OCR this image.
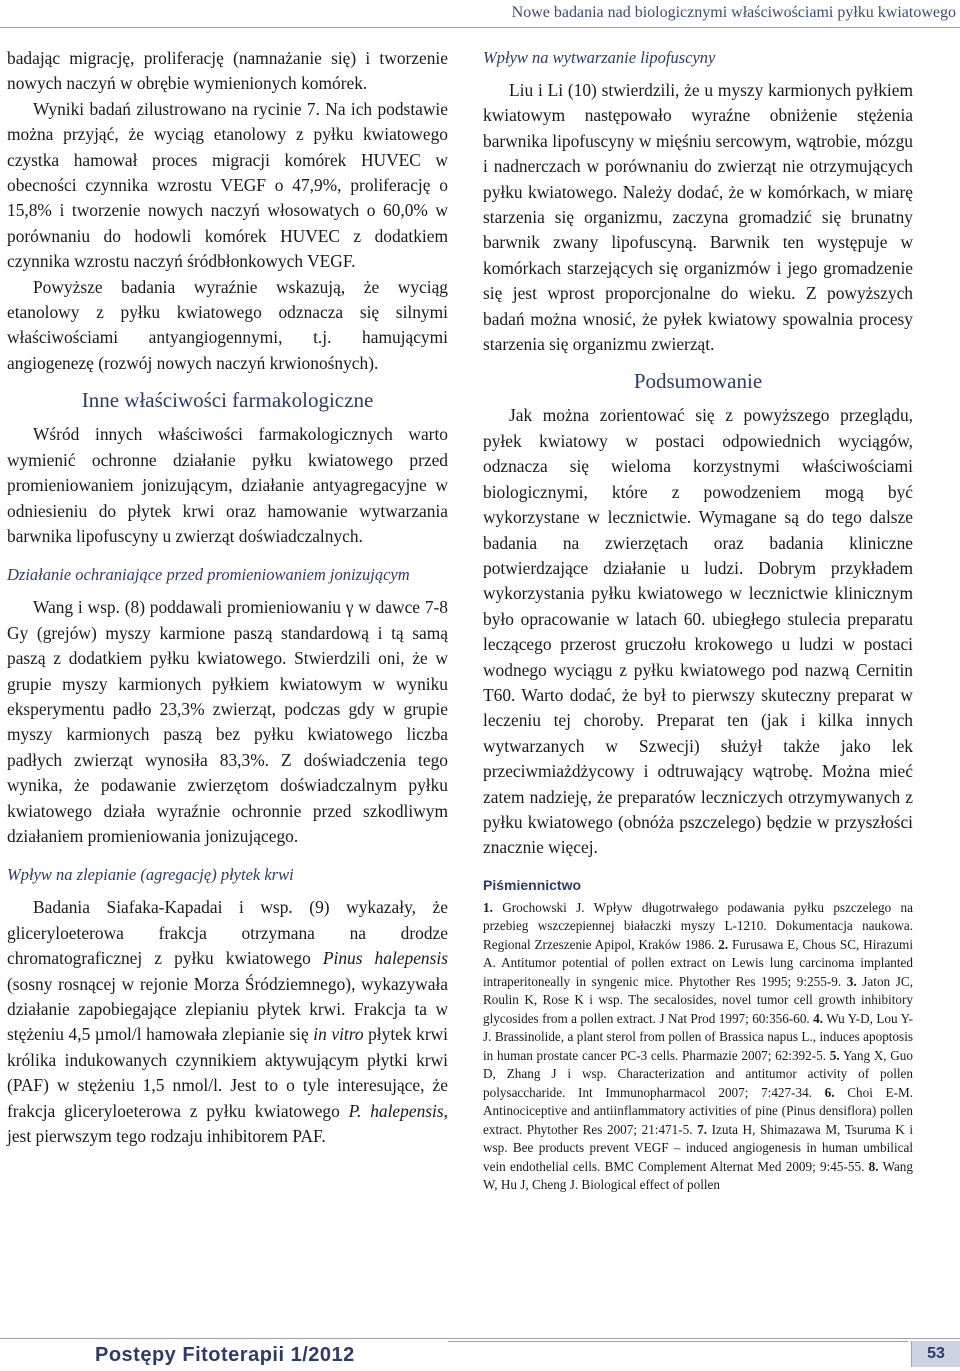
Nowe badania nad biologicznymi właściwościami pyłku kwiatowego

badając migrację, proliferację (namnażanie się) i tworzenie nowych naczyń w obrębie wymienionych komórek.

Wyniki badań zilustrowano na rycinie 7. Na ich podstawie można przyjąć, że wyciąg etanolowy z pyłku kwiatowego czystka hamował proces migracji komórek HUVEC w obecności czynnika wzrostu VEGF o 47,9%, proliferację o 15,8% i tworzenie nowych naczyń włosowatych o 60,0% w porównaniu do hodowli komórek HUVEC z dodatkiem czynnika wzrostu naczyń śródbłonkowych VEGF.

Powyższe badania wyraźnie wskazują, że wyciąg etanolowy z pyłku kwiatowego odznacza się silnymi właściwościami antyangiogennymi, t.j. hamującymi angiogenezę (rozwój nowych naczyń krwionośnych).

Inne właściwości farmakologiczne

Wśród innych właściwości farmakologicznych warto wymienić ochronne działanie pyłku kwiatowego przed promieniowaniem jonizującym, działanie antyagregacyjne w odniesieniu do płytek krwi oraz hamowanie wytwarzania barwnika lipofuscyny u zwierząt doświadczalnych.

Działanie ochraniające przed promieniowaniem jonizującym

Wang i wsp. (8) poddawali promieniowaniu γ w dawce 7-8 Gy (grejów) myszy karmione paszą standardową i tą samą paszą z dodatkiem pyłku kwiatowego. Stwierdzili oni, że w grupie myszy karmionych pyłkiem kwiatowym w wyniku eksperymentu padło 23,3% zwierząt, podczas gdy w grupie myszy karmionych paszą bez pyłku kwiatowego liczba padłych zwierząt wynosiła 83,3%. Z doświadczenia tego wynika, że podawanie zwierzętom doświadczalnym pyłku kwiatowego działa wyraźnie ochronnie przed szkodliwym działaniem promieniowania jonizującego.

Wpływ na zlepianie (agregację) płytek krwi

Badania Siafaka-Kapadai i wsp. (9) wykazały, że gliceryloeterowa frakcja otrzymana na drodze chromatograficznej z pyłku kwiatowego Pinus halepensis (sosny rosnącej w rejonie Morza Śródziemnego), wykazywała działanie zapobiegające zlepianiu płytek krwi. Frakcja ta w stężeniu 4,5 µmol/l hamowała zlepianie się in vitro płytek krwi królika indukowanych czynnikiem aktywującym płytki krwi (PAF) w stężeniu 1,5 nmol/l. Jest to o tyle interesujące, że frakcja gliceryloeterowa z pyłku kwiatowego P. halepensis, jest pierwszym tego rodzaju inhibitorem PAF.

Wpływ na wytwarzanie lipofuscyny

Liu i Li (10) stwierdzili, że u myszy karmionych pyłkiem kwiatowym następowało wyraźne obniżenie stężenia barwnika lipofuscyny w mięśniu sercowym, wątrobie, mózgu i nadnerczach w porównaniu do zwierząt nie otrzymujących pyłku kwiatowego. Należy dodać, że w komórkach, w miarę starzenia się organizmu, zaczyna gromadzić się brunatny barwnik zwany lipofuscyną. Barwnik ten występuje w komórkach starzejących się organizmów i jego gromadzenie się jest wprost proporcjonalne do wieku. Z powyższych badań można wnosić, że pyłek kwiatowy spowalnia procesy starzenia się organizmu zwierząt.

Podsumowanie

Jak można zorientować się z powyższego przeglądu, pyłek kwiatowy w postaci odpowiednich wyciągów, odznacza się wieloma korzystnymi właściwościami biologicznymi, które z powodzeniem mogą być wykorzystane w lecznictwie. Wymagane są do tego dalsze badania na zwierzętach oraz badania kliniczne potwierdzające działanie u ludzi. Dobrym przykładem wykorzystania pyłku kwiatowego w lecznictwie klinicznym było opracowanie w latach 60. ubiegłego stulecia preparatu leczącego przerost gruczołu krokowego u ludzi w postaci wodnego wyciągu z pyłku kwiatowego pod nazwą Cernitin T60. Warto dodać, że był to pierwszy skuteczny preparat w leczeniu tej choroby. Preparat ten (jak i kilka innych wytwarzanych w Szwecji) służył także jako lek przeciwmiażdżycowy i odtruwający wątrobę. Można mieć zatem nadzieję, że preparatów leczniczych otrzymywanych z pyłku kwiatowego (obnóża pszczelego) będzie w przyszłości znacznie więcej.

Piśmiennictwo

1. Grochowski J. Wpływ długotrwałego podawania pyłku pszczelego na przebieg wszczepiennej białaczki myszy L-1210. Dokumentacja naukowa. Regional Zrzeszenie Apipol, Kraków 1986. 2. Furusawa E, Chous SC, Hirazumi A. Antitumor potential of pollen extract on Lewis lung carcinoma implanted intraperitoneally in syngenic mice. Phytother Res 1995; 9:255-9. 3. Jaton JC, Roulin K, Rose K i wsp. The secalosides, novel tumor cell growth inhibitory glycosides from a pollen extract. J Nat Prod 1997; 60:356-60. 4. Wu Y-D, Lou Y-J. Brassinolide, a plant sterol from pollen of Brassica napus L., induces apoptosis in human prostate cancer PC-3 cells. Pharmazie 2007; 62:392-5. 5. Yang X, Guo D, Zhang J i wsp. Characterization and antitumor activity of pollen polysaccharide. Int Immunopharmacol 2007; 7:427-34. 6. Choi E-M. Antinociceptive and antiinflammatory activities of pine (Pinus densiflora) pollen extract. Phytother Res 2007; 21:471-5. 7. Izuta H, Shimazawa M, Tsuruma K i wsp. Bee products prevent VEGF – induced angiogenesis in human umbilical vein endothelial cells. BMC Complement Alternat Med 2009; 9:45-55. 8. Wang W, Hu J, Cheng J. Biological effect of pollen

Postępy Fitoterapii 1/2012	53
